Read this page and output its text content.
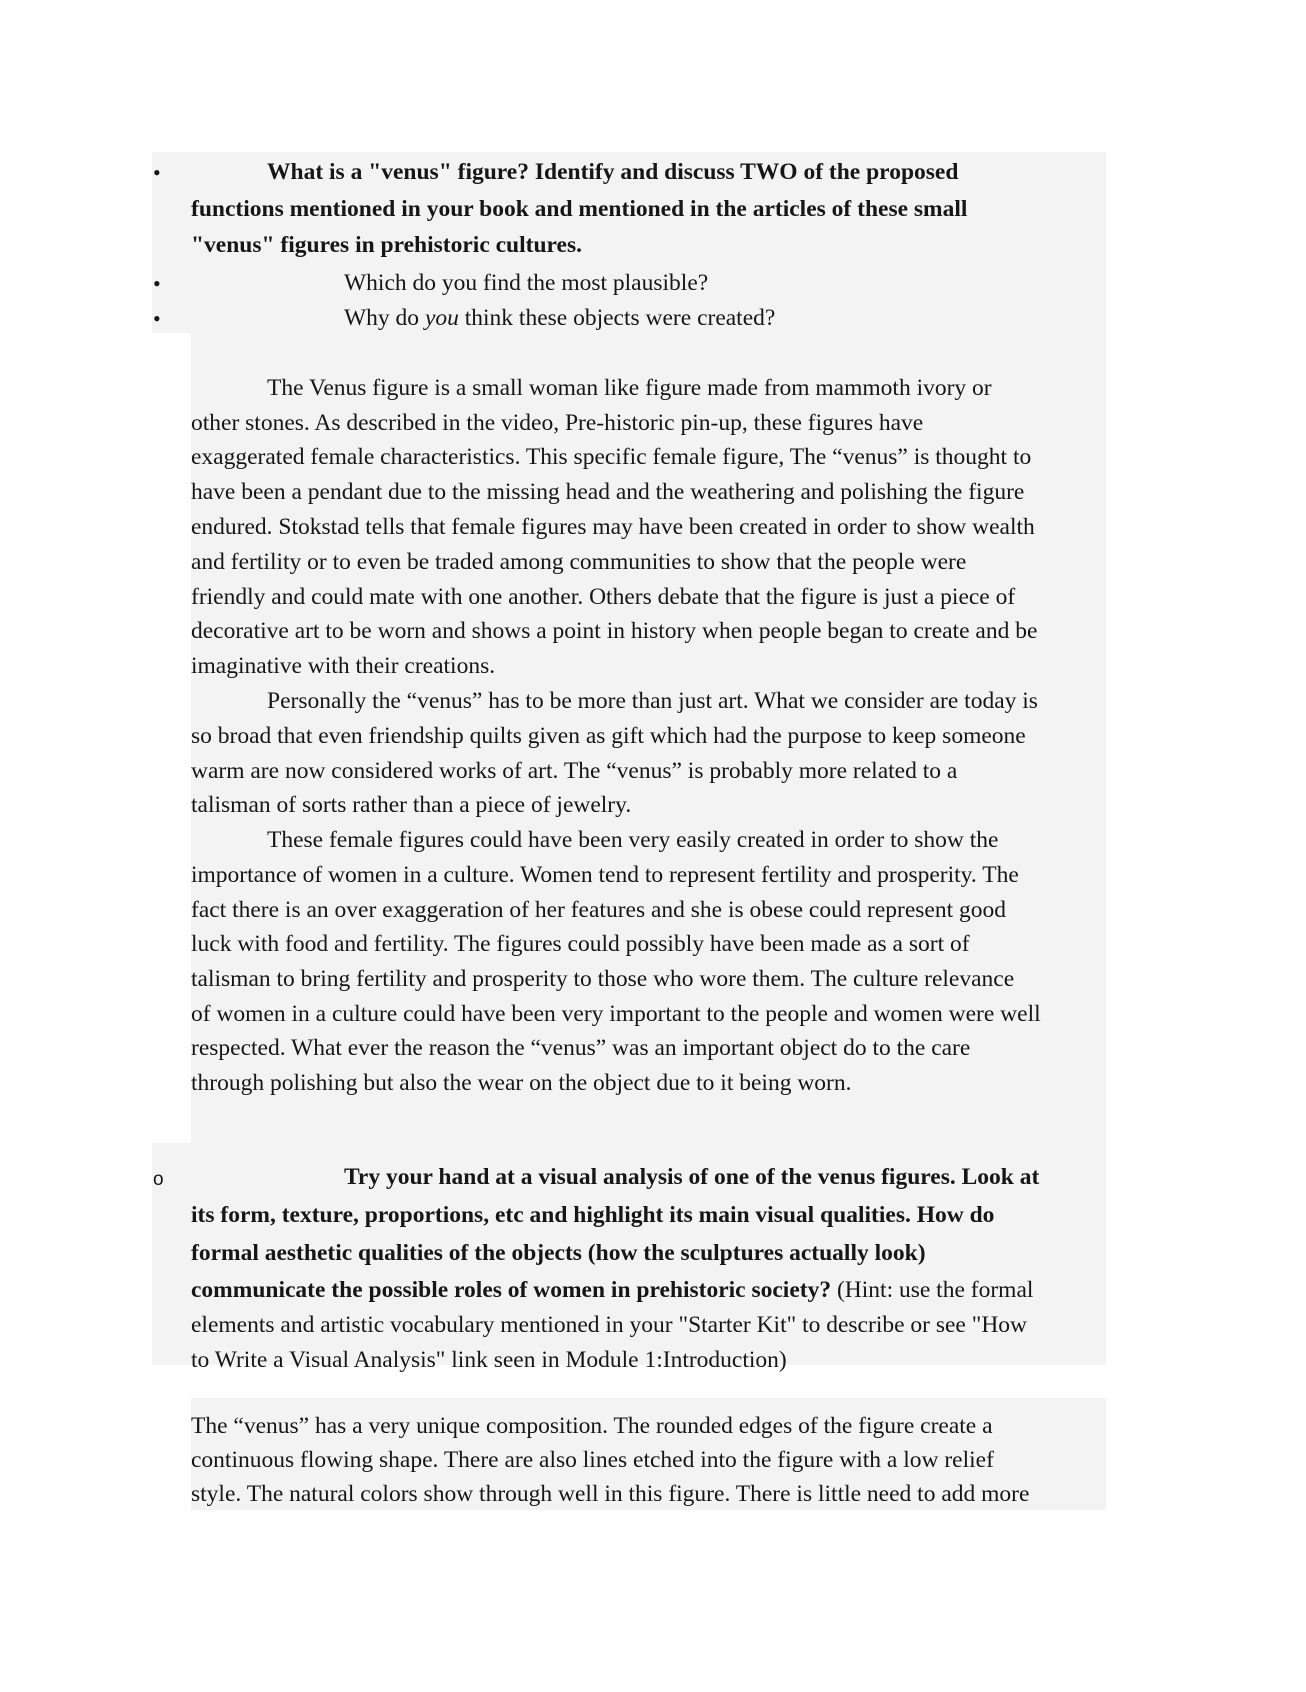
•	What is a "venus" figure? Identify and discuss TWO of the proposed
functions mentioned in your book and mentioned in the articles of these small
"venus" figures in prehistoric cultures.
•	Which do you find the most plausible?
•	Why do you think these objects were created?
The Venus figure is a small woman like figure made from mammoth ivory or
other stones. As described in the video, Pre-historic pin-up, these figures have
exaggerated female characteristics. This specific female figure, The “venus” is thought to
have been a pendant due to the missing head and the weathering and polishing the figure
endured. Stokstad tells that female figures may have been created in order to show wealth
and fertility or to even be traded among communities to show that the people were
friendly and could mate with one another. Others debate that the figure is just a piece of
decorative art to be worn and shows a point in history when people began to create and be
imaginative with their creations.
Personally the “venus” has to be more than just art. What we consider are today is
so broad that even friendship quilts given as gift which had the purpose to keep someone
warm are now considered works of art. The “venus” is probably more related to a
talisman of sorts rather than a piece of jewelry.
These female figures could have been very easily created in order to show the
importance of women in a culture. Women tend to represent fertility and prosperity. The
fact there is an over exaggeration of her features and she is obese could represent good
luck with food and fertility. The figures could possibly have been made as a sort of
talisman to bring fertility and prosperity to those who wore them. The culture relevance
of women in a culture could have been very important to the people and women were well
respected. What ever the reason the “venus” was an important object do to the care
through polishing but also the wear on the object due to it being worn.
o	Try your hand at a visual analysis of one of the venus figures. Look at
its form, texture, proportions, etc and highlight its main visual qualities. How do
formal aesthetic qualities of the objects (how the sculptures actually look)
communicate the possible roles of women in prehistoric society? (Hint: use the formal
elements and artistic vocabulary mentioned in your "Starter Kit" to describe or see "How
to Write a Visual Analysis" link seen in Module 1:Introduction)
The “venus” has a very unique composition. The rounded edges of the figure create a
continuous flowing shape. There are also lines etched into the figure with a low relief
style. The natural colors show through well in this figure. There is little need to add more
